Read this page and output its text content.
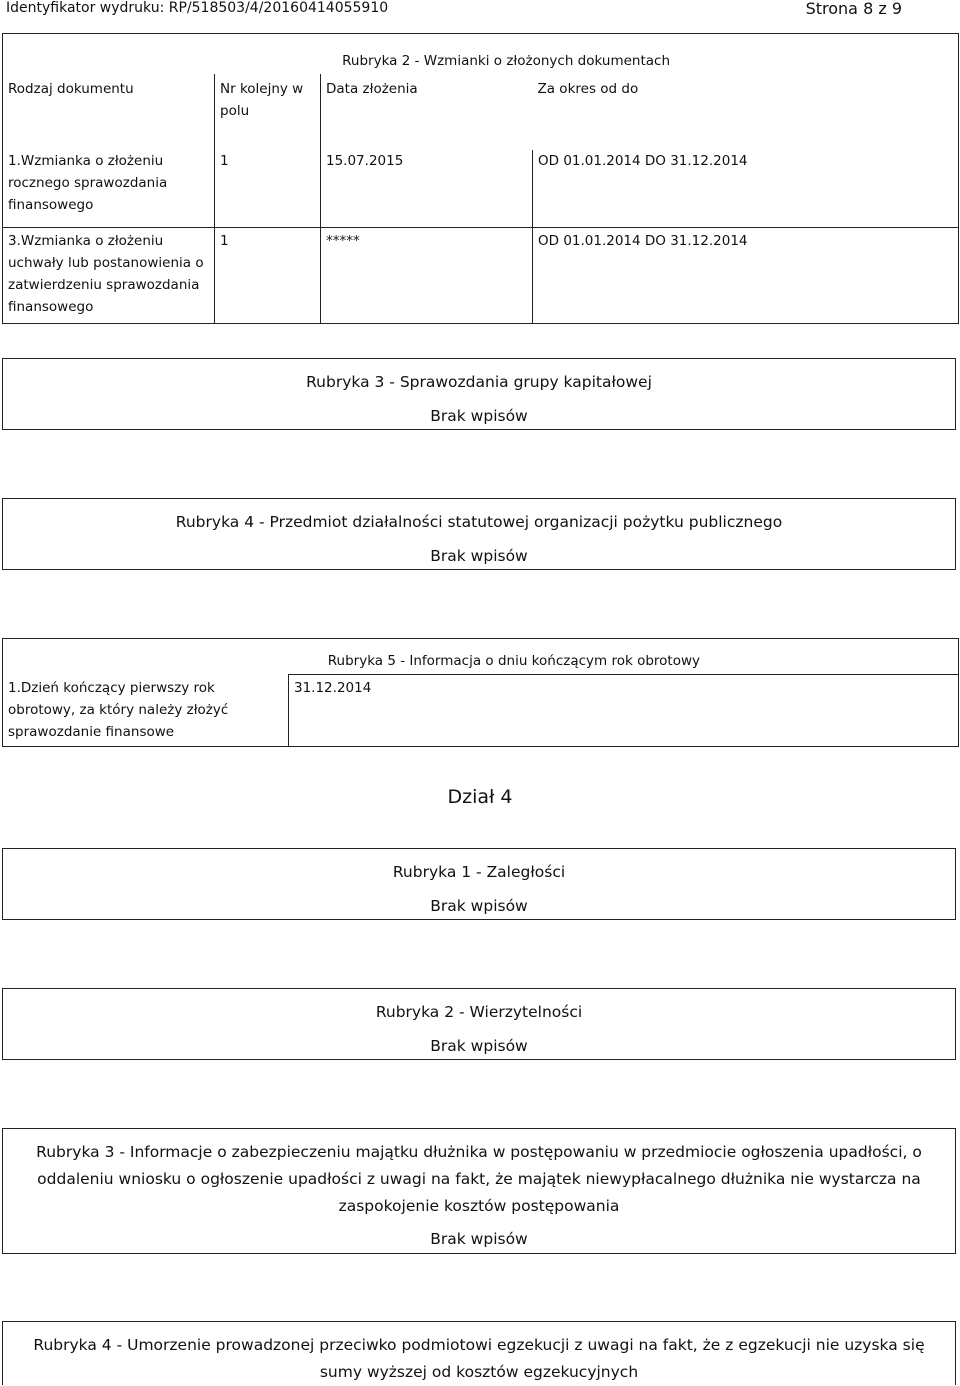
Identyfikator wydruku: RP/518503/4/20160414055910	Strona 8 z 9
Rubryka 2 - Wzmianki o złożonych dokumentach			
Rodzaj dokumentu	Nr kolejny w polu	Data złożenia	Za okres od do
1.Wzmianka o złożeniu rocznego sprawozdania finansowego	1	15.07.2015	OD 01.01.2014 DO 31.12.2014
3.Wzmianka o złożeniu uchwały lub postanowienia o zatwierdzeniu sprawozdania finansowego	1	*****	OD 01.01.2014 DO 31.12.2014
Rubryka 3 - Sprawozdania grupy kapitałowej
Brak wpisów
Rubryka 4 - Przedmiot działalności statutowej organizacji pożytku publicznego
Brak wpisów
Rubryka 5 - Informacja o dniu kończącym rok obrotowy
1.Dzień kończący pierwszy rok obrotowy, za który należy złożyć sprawozdanie finansowe	31.12.2014
Dział 4
Rubryka 1 - Zaległości
Brak wpisów
Rubryka 2 - Wierzytelności
Brak wpisów
Rubryka 3 - Informacje o zabezpieczeniu majątku dłużnika w postępowaniu w przedmiocie ogłoszenia upadłości, o oddaleniu wniosku o ogłoszenie upadłości z uwagi na fakt, że majątek niewypłacalnego dłużnika nie wystarcza na zaspokojenie kosztów postępowania
Brak wpisów
Rubryka 4 - Umorzenie prowadzonej przeciwko podmiotowi egzekucji z uwagi na fakt, że z egzekucji nie uzyska się sumy wyższej od kosztów egzekucyjnych
